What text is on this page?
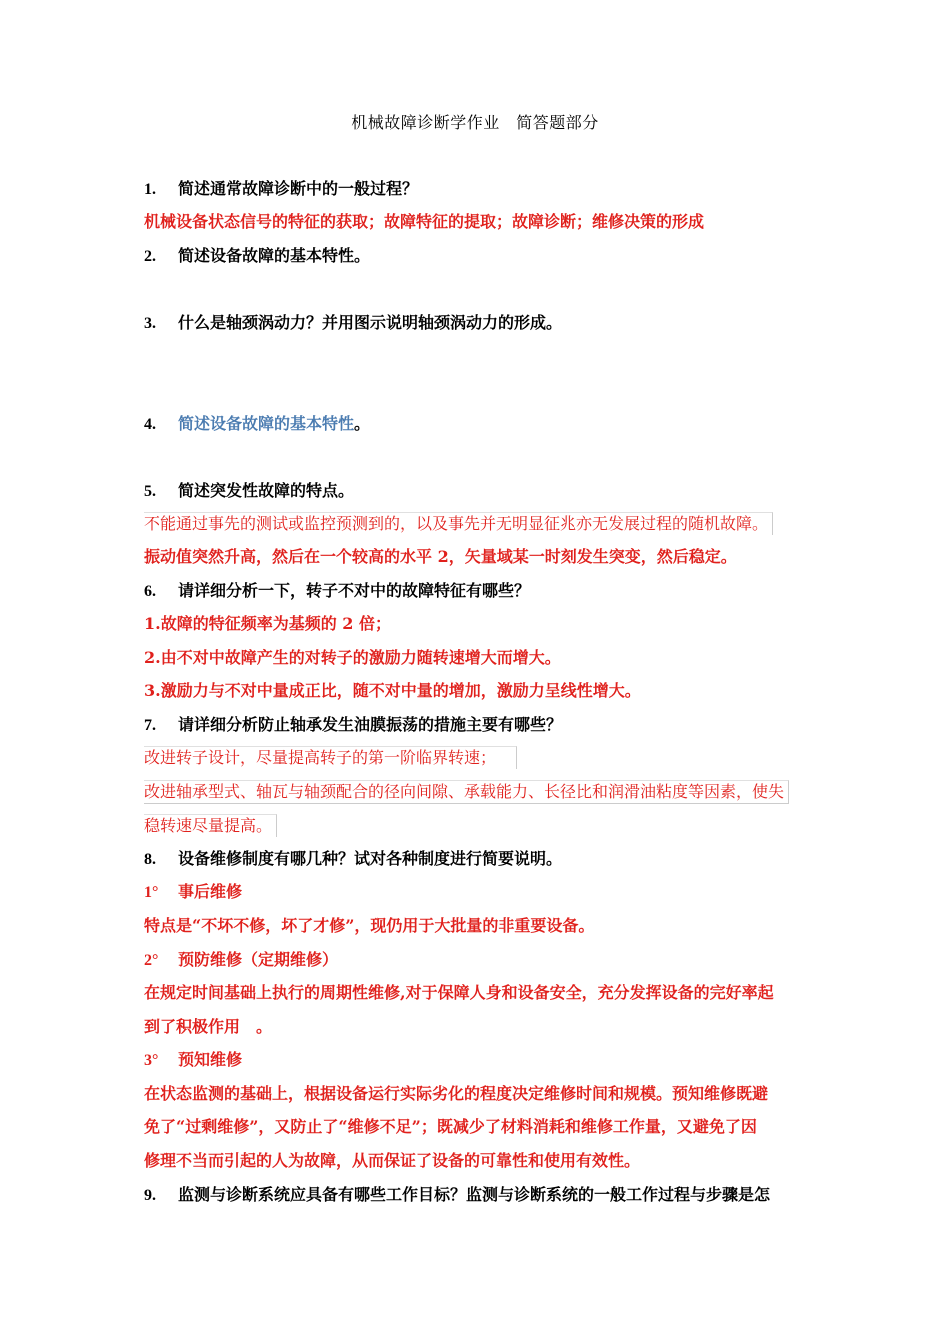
机械故障诊断学作业　简答题部分
1. 简述通常故障诊断中的一般过程？
机械设备状态信号的特征的获取；故障特征的提取；故障诊断；维修决策的形成
2. 简述设备故障的基本特性。
3. 什么是轴颈涡动力？并用图示说明轴颈涡动力的形成。
4. 简述设备故障的基本特性。
5. 简述突发性故障的特点。
不能通过事先的测试或监控预测到的，以及事先并无明显征兆亦无发展过程的随机故障。
振动值突然升高，然后在一个较高的水平 2，矢量域某一时刻发生突变，然后稳定。
6. 请详细分析一下，转子不对中的故障特征有哪些？
1.故障的特征频率为基频的 2 倍；
2.由不对中故障产生的对转子的激励力随转速增大而增大。
3.激励力与不对中量成正比，随不对中量的增加，激励力呈线性增大。
7. 请详细分析防止轴承发生油膜振荡的措施主要有哪些？
改进转子设计，尽量提高转子的第一阶临界转速；
改进轴承型式、轴瓦与轴颈配合的径向间隙、承载能力、长径比和润滑油粘度等因素，使失
稳转速尽量提高。
8. 设备维修制度有哪几种？试对各种制度进行简要说明。
1° 事后维修
特点是“不坏不修，坏了才修”，现仍用于大批量的非重要设备。
2° 预防维修（定期维修）
在规定时间基础上执行的周期性维修,对于保障人身和设备安全，充分发挥设备的完好率起
到了积极作用　。
3° 预知维修
在状态监测的基础上，根据设备运行实际劣化的程度决定维修时间和规模。预知维修既避
免了“过剩维修”，又防止了“维修不足”；既减少了材料消耗和维修工作量，又避免了因
修理不当而引起的人为故障，从而保证了设备的可靠性和使用有效性。
9. 监测与诊断系统应具备有哪些工作目标？监测与诊断系统的一般工作过程与步骤是怎
